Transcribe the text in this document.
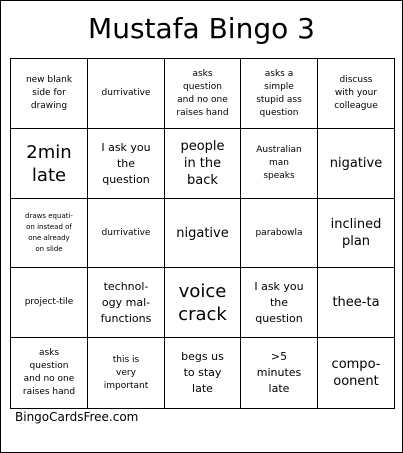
Mustafa Bingo 3
new blank
side for
drawing
durrivative
asks
question
and no one
raises hand
asks a
simple
stupid ass
question
discuss
with your
colleague
2min
late
I ask you
the
question
people
in the
back
Australian
man
speaks
nigative
draws equati-
on instead of
one already
on slide
durrivative nigative	parabowla
inclined
plan
project-tile
technol-
ogy mal-
functions
voice
crack
I ask you
the
question
thee-ta
asks
question
and no one
raises hand
this is
very
important
begs us
to stay
late
>5
minutes
late
compo-
oonent
BingoCardsFree.com
